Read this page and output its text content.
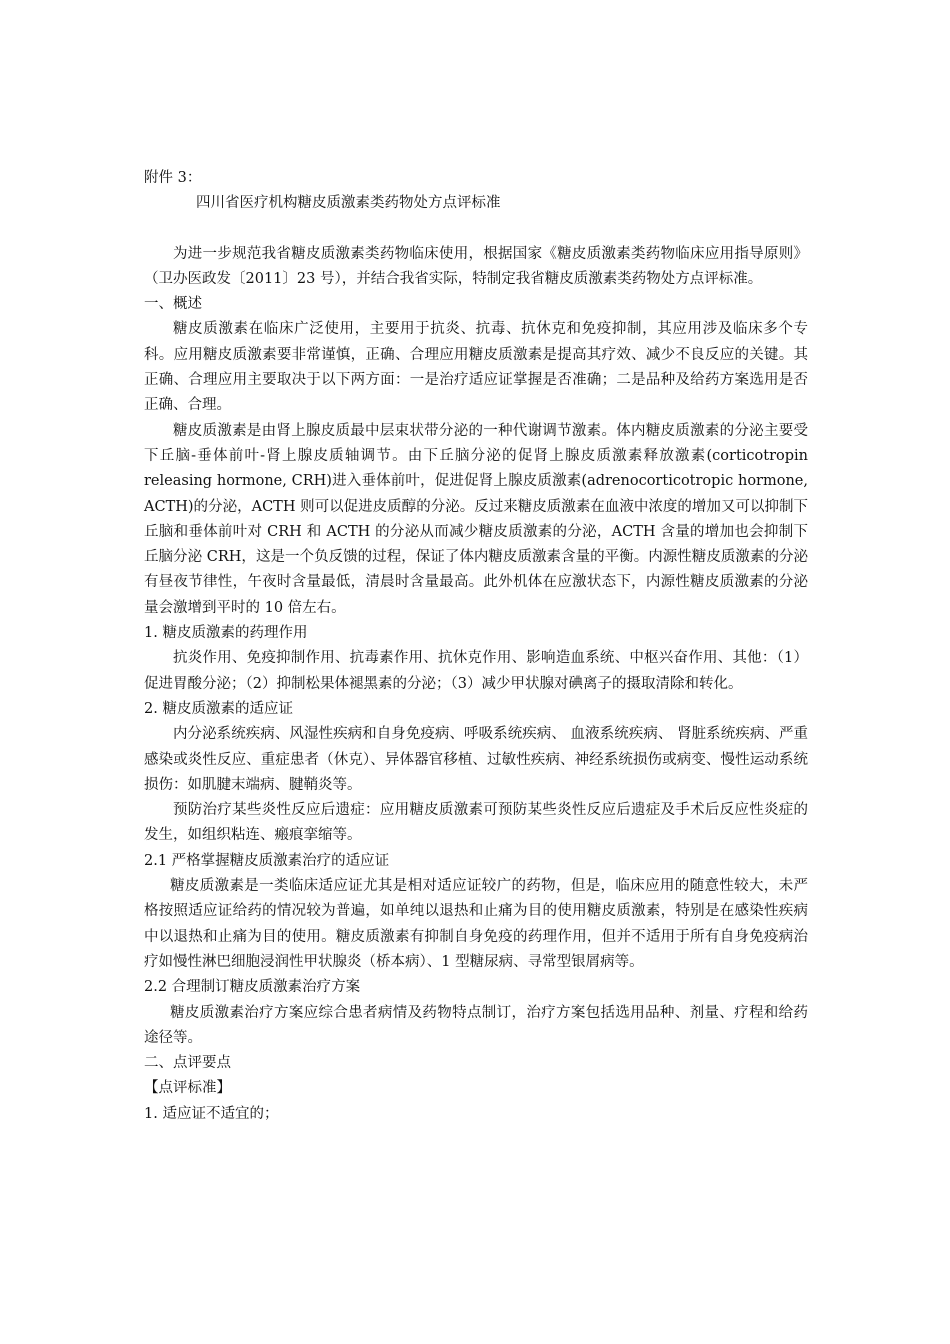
附件 3：

四川省医疗机构糖皮质激素类药物处方点评标准

为进一步规范我省糖皮质激素类药物临床使用，根据国家《糖皮质激素类药物临床应用指导原则》（卫办医政发〔2011〕23 号），并结合我省实际，特制定我省糖皮质激素类药物处方点评标准。

一、概述

糖皮质激素在临床广泛使用，主要用于抗炎、抗毒、抗休克和免疫抑制，其应用涉及临床多个专科。应用糖皮质激素要非常谨慎，正确、合理应用糖皮质激素是提高其疗效、减少不良反应的关键。其正确、合理应用主要取决于以下两方面：一是治疗适应证掌握是否准确；二是品种及给药方案选用是否正确、合理。

糖皮质激素是由肾上腺皮质最中层束状带分泌的一种代谢调节激素。体内糖皮质激素的分泌主要受下丘脑-垂体前叶-肾上腺皮质轴调节。由下丘脑分泌的促肾上腺皮质激素释放激素(corticotropin releasing hormone, CRH)进入垂体前叶，促进促肾上腺皮质激素(adrenocorticotropic hormone, ACTH)的分泌，ACTH 则可以促进皮质醇的分泌。反过来糖皮质激素在血液中浓度的增加又可以抑制下丘脑和垂体前叶对 CRH 和 ACTH 的分泌从而减少糖皮质激素的分泌，ACTH 含量的增加也会抑制下丘脑分泌 CRH，这是一个负反馈的过程，保证了体内糖皮质激素含量的平衡。内源性糖皮质激素的分泌有昼夜节律性，午夜时含量最低，清晨时含量最高。此外机体在应激状态下，内源性糖皮质激素的分泌量会激增到平时的 10 倍左右。

1. 糖皮质激素的药理作用

抗炎作用、免疫抑制作用、抗毒素作用、抗休克作用、影响造血系统、中枢兴奋作用、其他：（1）促进胃酸分泌；（2）抑制松果体褪黑素的分泌；（3）减少甲状腺对碘离子的摄取清除和转化。

2. 糖皮质激素的适应证

内分泌系统疾病、风湿性疾病和自身免疫病、呼吸系统疾病、 血液系统疾病、 肾脏系统疾病、严重感染或炎性反应、重症患者（休克）、异体器官移植、过敏性疾病、神经系统损伤或病变、慢性运动系统损伤：如肌腱末端病、腱鞘炎等。

预防治疗某些炎性反应后遗症：应用糖皮质激素可预防某些炎性反应后遗症及手术后反应性炎症的发生，如组织粘连、瘢痕挛缩等。

2.1 严格掌握糖皮质激素治疗的适应证

糖皮质激素是一类临床适应证尤其是相对适应证较广的药物，但是，临床应用的随意性较大，未严格按照适应证给药的情况较为普遍，如单纯以退热和止痛为目的使用糖皮质激素，特别是在感染性疾病中以退热和止痛为目的使用。糖皮质激素有抑制自身免疫的药理作用，但并不适用于所有自身免疫病治疗如慢性淋巴细胞浸润性甲状腺炎（桥本病）、1 型糖尿病、寻常型银屑病等。

2.2 合理制订糖皮质激素治疗方案

糖皮质激素治疗方案应综合患者病情及药物特点制订，治疗方案包括选用品种、剂量、疗程和给药途径等。

二、点评要点

【点评标准】

1. 适应证不适宜的；
